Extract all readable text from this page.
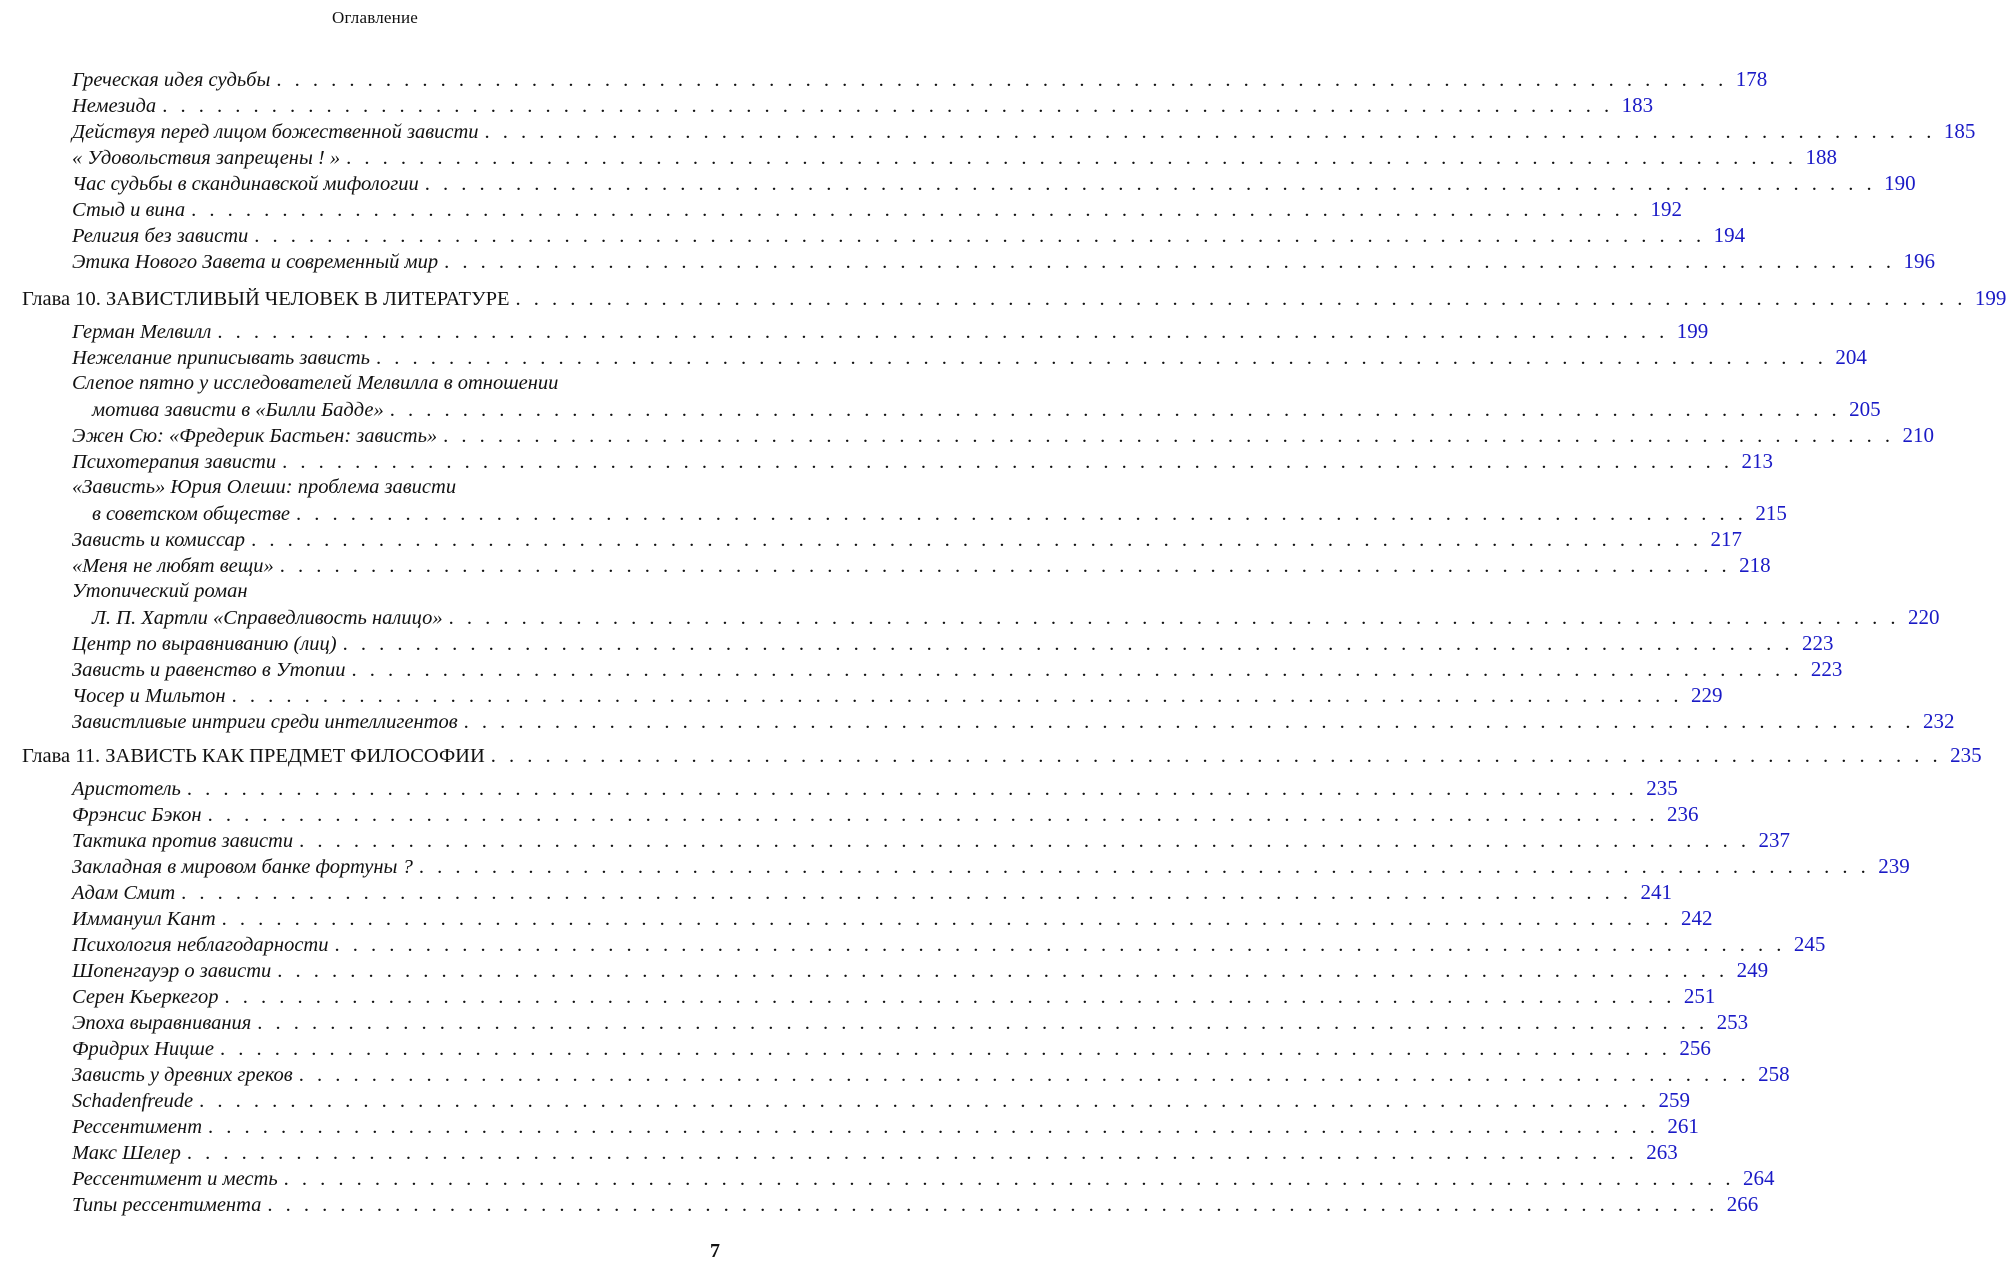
Оглавление
Греческая идея судьбы . . . . . . . . . . . . . . . . . . . . . . . . . . . . . . . . . . . . . . . . . . . . . . . . . . . . . . . . . . . . . . . . . . . . . . . . . . . . . . . . 178
Немезида . . . . . . . . . . . . . . . . . . . . . . . . . . . . . . . . . . . . . . . . . . . . . . . . . . . . . . . . . . . . . . . . . . . . . . . . . . . . . . . . 183
Действуя перед лицом божественной зависти . . . . . . . . . . . . . . . . . . . . . . . . . . . . . . . . . . . . . . . . . . . . . . . . . . . . . . . . . . . . . . . . . . . . . . . . . . . . . . . . 185
« Удовольствия запрещены ! » . . . . . . . . . . . . . . . . . . . . . . . . . . . . . . . . . . . . . . . . . . . . . . . . . . . . . . . . . . . . . . . . . . . . . . . . . . . . . . . . 188
Час судьбы в скандинавской мифологии . . . . . . . . . . . . . . . . . . . . . . . . . . . . . . . . . . . . . . . . . . . . . . . . . . . . . . . . . . . . . . . . . . . . . . . . . . . . . . . . 190
Стыд и вина . . . . . . . . . . . . . . . . . . . . . . . . . . . . . . . . . . . . . . . . . . . . . . . . . . . . . . . . . . . . . . . . . . . . . . . . . . . . . . . . 192
Религия без зависти . . . . . . . . . . . . . . . . . . . . . . . . . . . . . . . . . . . . . . . . . . . . . . . . . . . . . . . . . . . . . . . . . . . . . . . . . . . . . . . . 194
Этика Нового Завета и современный мир . . . . . . . . . . . . . . . . . . . . . . . . . . . . . . . . . . . . . . . . . . . . . . . . . . . . . . . . . . . . . . . . . . . . . . . . . . . . . . . . 196
Глава 10. ЗАВИСТЛИВЫЙ ЧЕЛОВЕК В ЛИТЕРАТУРЕ . . . . . . . . . . . . . . . . . . . . . . . . . . . . . . . . . . . . . . . . . . . . . . . . . . . . . . . . . . . . . . . . . . . . . . . . . . . . . . . . 199
Герман Мелвилл . . . . . . . . . . . . . . . . . . . . . . . . . . . . . . . . . . . . . . . . . . . . . . . . . . . . . . . . . . . . . . . . . . . . . . . . . . . . . . . . 199
Нежелание приписывать зависть . . . . . . . . . . . . . . . . . . . . . . . . . . . . . . . . . . . . . . . . . . . . . . . . . . . . . . . . . . . . . . . . . . . . . . . . . . . . . . . . 204
Слепое пятно у исследователей Мелвилла в отношении
мотива зависти в «Билли Бадде» . . . . . . . . . . . . . . . . . . . . . . . . . . . . . . . . . . . . . . . . . . . . . . . . . . . . . . . . . . . . . . . . . . . . . . . . . . . . . . . . 205
Эжен Сю: «Фредерик Бастьен: зависть» . . . . . . . . . . . . . . . . . . . . . . . . . . . . . . . . . . . . . . . . . . . . . . . . . . . . . . . . . . . . . . . . . . . . . . . . . . . . . . . . 210
Психотерапия зависти . . . . . . . . . . . . . . . . . . . . . . . . . . . . . . . . . . . . . . . . . . . . . . . . . . . . . . . . . . . . . . . . . . . . . . . . . . . . . . . . 213
«Зависть» Юрия Олеши: проблема зависти
в советском обществе . . . . . . . . . . . . . . . . . . . . . . . . . . . . . . . . . . . . . . . . . . . . . . . . . . . . . . . . . . . . . . . . . . . . . . . . . . . . . . . . 215
Зависть и комиссар . . . . . . . . . . . . . . . . . . . . . . . . . . . . . . . . . . . . . . . . . . . . . . . . . . . . . . . . . . . . . . . . . . . . . . . . . . . . . . . . 217
«Меня не любят вещи» . . . . . . . . . . . . . . . . . . . . . . . . . . . . . . . . . . . . . . . . . . . . . . . . . . . . . . . . . . . . . . . . . . . . . . . . . . . . . . . . 218
Утопический роман
Л. П. Хартли «Справедливость налицо» . . . . . . . . . . . . . . . . . . . . . . . . . . . . . . . . . . . . . . . . . . . . . . . . . . . . . . . . . . . . . . . . . . . . . . . . . . . . . . . . 220
Центр по выравниванию (лиц) . . . . . . . . . . . . . . . . . . . . . . . . . . . . . . . . . . . . . . . . . . . . . . . . . . . . . . . . . . . . . . . . . . . . . . . . . . . . . . . . 223
Зависть и равенство в Утопии . . . . . . . . . . . . . . . . . . . . . . . . . . . . . . . . . . . . . . . . . . . . . . . . . . . . . . . . . . . . . . . . . . . . . . . . . . . . . . . . 223
Чосер и Мильтон . . . . . . . . . . . . . . . . . . . . . . . . . . . . . . . . . . . . . . . . . . . . . . . . . . . . . . . . . . . . . . . . . . . . . . . . . . . . . . . . 229
Завистливые интриги среди интеллигентов . . . . . . . . . . . . . . . . . . . . . . . . . . . . . . . . . . . . . . . . . . . . . . . . . . . . . . . . . . . . . . . . . . . . . . . . . . . . . . . . 232
Глава 11. ЗАВИСТЬ КАК ПРЕДМЕТ ФИЛОСОФИИ . . . . . . . . . . . . . . . . . . . . . . . . . . . . . . . . . . . . . . . . . . . . . . . . . . . . . . . . . . . . . . . . . . . . . . . . . . . . . . . . 235
Аристотель . . . . . . . . . . . . . . . . . . . . . . . . . . . . . . . . . . . . . . . . . . . . . . . . . . . . . . . . . . . . . . . . . . . . . . . . . . . . . . . . 235
Фрэнсис Бэкон . . . . . . . . . . . . . . . . . . . . . . . . . . . . . . . . . . . . . . . . . . . . . . . . . . . . . . . . . . . . . . . . . . . . . . . . . . . . . . . . 236
Тактика против зависти . . . . . . . . . . . . . . . . . . . . . . . . . . . . . . . . . . . . . . . . . . . . . . . . . . . . . . . . . . . . . . . . . . . . . . . . . . . . . . . . 237
Закладная в мировом банке фортуны ? . . . . . . . . . . . . . . . . . . . . . . . . . . . . . . . . . . . . . . . . . . . . . . . . . . . . . . . . . . . . . . . . . . . . . . . . . . . . . . . . 239
Адам Смит . . . . . . . . . . . . . . . . . . . . . . . . . . . . . . . . . . . . . . . . . . . . . . . . . . . . . . . . . . . . . . . . . . . . . . . . . . . . . . . . 241
Иммануил Кант . . . . . . . . . . . . . . . . . . . . . . . . . . . . . . . . . . . . . . . . . . . . . . . . . . . . . . . . . . . . . . . . . . . . . . . . . . . . . . . . 242
Психология неблагодарности . . . . . . . . . . . . . . . . . . . . . . . . . . . . . . . . . . . . . . . . . . . . . . . . . . . . . . . . . . . . . . . . . . . . . . . . . . . . . . . . 245
Шопенгауэр о зависти . . . . . . . . . . . . . . . . . . . . . . . . . . . . . . . . . . . . . . . . . . . . . . . . . . . . . . . . . . . . . . . . . . . . . . . . . . . . . . . . 249
Серен Кьеркегор . . . . . . . . . . . . . . . . . . . . . . . . . . . . . . . . . . . . . . . . . . . . . . . . . . . . . . . . . . . . . . . . . . . . . . . . . . . . . . . . 251
Эпоха выравнивания . . . . . . . . . . . . . . . . . . . . . . . . . . . . . . . . . . . . . . . . . . . . . . . . . . . . . . . . . . . . . . . . . . . . . . . . . . . . . . . . 253
Фридрих Ницше . . . . . . . . . . . . . . . . . . . . . . . . . . . . . . . . . . . . . . . . . . . . . . . . . . . . . . . . . . . . . . . . . . . . . . . . . . . . . . . . 256
Зависть у древних греков . . . . . . . . . . . . . . . . . . . . . . . . . . . . . . . . . . . . . . . . . . . . . . . . . . . . . . . . . . . . . . . . . . . . . . . . . . . . . . . . 258
Schadenfreude . . . . . . . . . . . . . . . . . . . . . . . . . . . . . . . . . . . . . . . . . . . . . . . . . . . . . . . . . . . . . . . . . . . . . . . . . . . . . . . . 259
Рессентимент . . . . . . . . . . . . . . . . . . . . . . . . . . . . . . . . . . . . . . . . . . . . . . . . . . . . . . . . . . . . . . . . . . . . . . . . . . . . . . . . 261
Макс Шелер . . . . . . . . . . . . . . . . . . . . . . . . . . . . . . . . . . . . . . . . . . . . . . . . . . . . . . . . . . . . . . . . . . . . . . . . . . . . . . . . 263
Рессентимент и месть . . . . . . . . . . . . . . . . . . . . . . . . . . . . . . . . . . . . . . . . . . . . . . . . . . . . . . . . . . . . . . . . . . . . . . . . . . . . . . . . 264
Типы рессентимента . . . . . . . . . . . . . . . . . . . . . . . . . . . . . . . . . . . . . . . . . . . . . . . . . . . . . . . . . . . . . . . . . . . . . . . . . . . . . . . . 266
7
